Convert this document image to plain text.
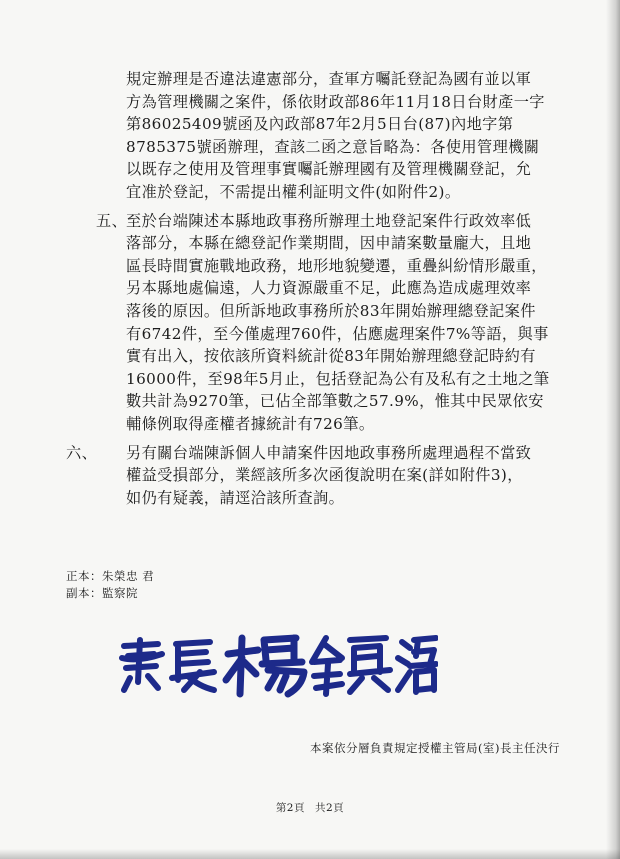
規定辦理是否違法違憲部分，查軍方囑託登記為國有並以軍
方為管理機關之案件，係依財政部86年11月18日台財產一字
第86025409號函及內政部87年2月5日台(87)內地字第
8785375號函辦理，查該二函之意旨略為：各使用管理機關
以既存之使用及管理事實囑託辦理國有及管理機關登記，允
宜准於登記，不需提出權利証明文件(如附件2)。
五、
至於台端陳述本縣地政事務所辦理土地登記案件行政效率低
落部分，本縣在總登記作業期間，因申請案數量龐大，且地
區長時間實施戰地政務，地形地貌變遷，重疊糾紛情形嚴重，
另本縣地處偏遠，人力資源嚴重不足，此應為造成處理效率
落後的原因。但所訴地政事務所於83年開始辦理總登記案件
有6742件，至今僅處理760件，佔應處理案件7%等語，與事
實有出入，按依該所資料統計從83年開始辦理總登記時約有
16000件，至98年5月止，包括登記為公有及私有之土地之筆
數共計為9270筆，已佔全部筆數之57.9%，惟其中民眾依安
輔條例取得產權者據統計有726筆。
六、 另有關台端陳訴個人申請案件因地政事務所處理過程不當致
權益受損部分，業經該所多次函復說明在案(詳如附件3)，
如仍有疑義，請逕洽該所查詢。
正本：朱榮忠 君
副本：監察院
本案依分層負責規定授權主管局(室)長主任決行
第2頁 共2頁
